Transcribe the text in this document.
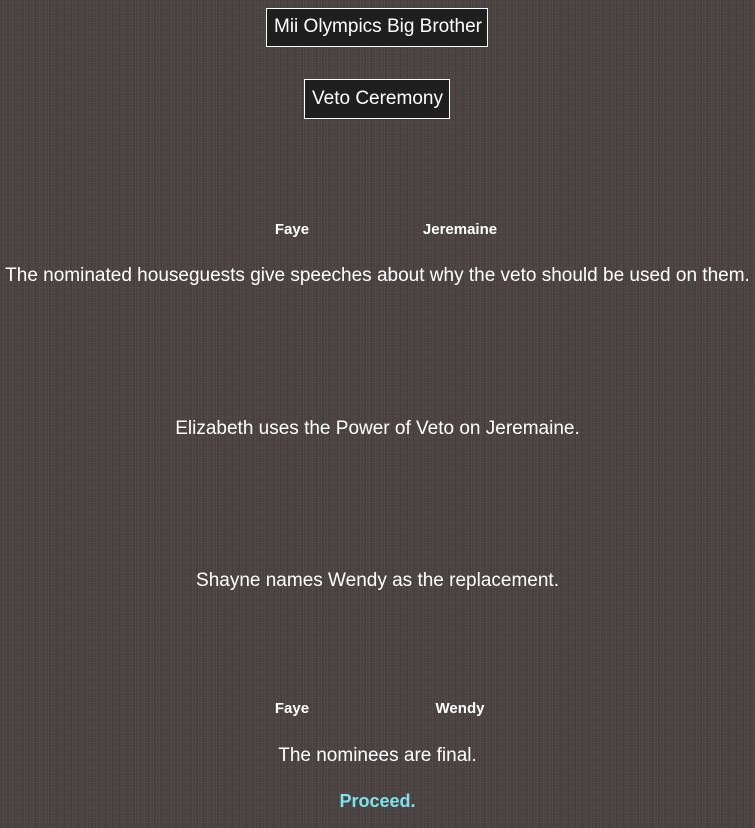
Mii Olympics Big Brother
Veto Ceremony
Faye	Jeremaine
The nominated houseguests give speeches about why the veto should be used on them.
Elizabeth uses the Power of Veto on Jeremaine.
Shayne names Wendy as the replacement.
Faye	Wendy
The nominees are final.
Proceed.
